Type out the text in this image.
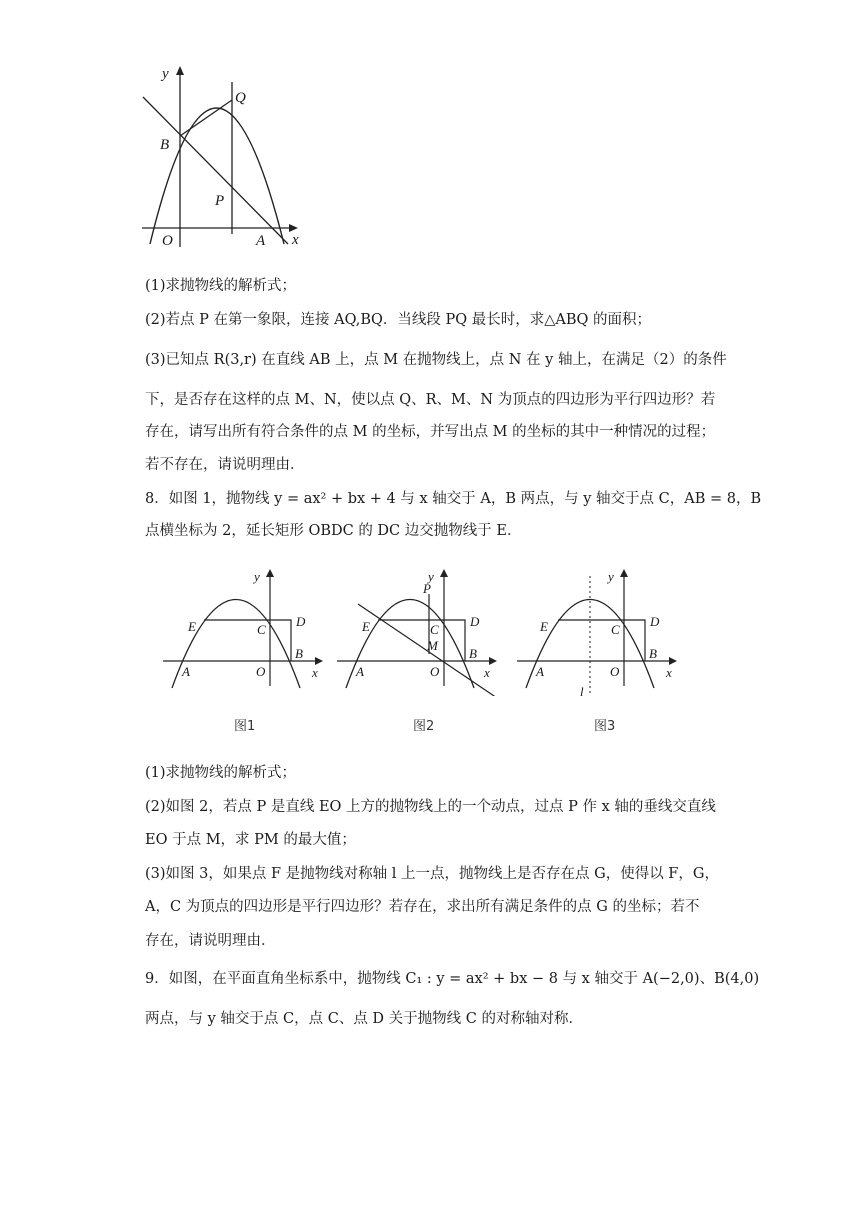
y
x
O	A
B
P
Q
(1)求抛物线的解析式；
(2)若点 P 在第一象限，连接 AQ,BQ．当线段 PQ 最长时，求△ABQ 的面积；
(3)已知点 R(3,r) 在直线 AB 上，点 M 在抛物线上，点 N 在 y 轴上，在满足（2）的条件
下，是否存在这样的点 M、N，使以点 Q、R、M、N 为顶点的四边形为平行四边形？若
存在，请写出所有符合条件的点 M 的坐标，并写出点 M 的坐标的其中一种情况的过程；
若不存在，请说明理由．
8．如图 1，抛物线 y = ax² + bx + 4 与 x 轴交于 A，B 两点，与 y 轴交于点 C，AB = 8，B
点横坐标为 2，延长矩形 OBDC 的 DC 边交抛物线于 E．
y
x
E	C
D
B
A	O
图1
y
x
P
E	C
M
D
B
A	O
图2
y
x
E	C
D
B
A	O
l
图3
(1)求抛物线的解析式；
(2)如图 2，若点 P 是直线 EO 上方的抛物线上的一个动点，过点 P 作 x 轴的垂线交直线
EO 于点 M，求 PM 的最大值；
(3)如图 3，如果点 F 是抛物线对称轴 l 上一点，抛物线上是否存在点 G，使得以 F，G，
A，C 为顶点的四边形是平行四边形？若存在，求出所有满足条件的点 G 的坐标；若不
存在，请说明理由．
9．如图，在平面直角坐标系中，抛物线 C₁ : y = ax² + bx − 8 与 x 轴交于 A(−2,0)、B(4,0)
两点，与 y 轴交于点 C，点 C、点 D 关于抛物线 C 的对称轴对称．
